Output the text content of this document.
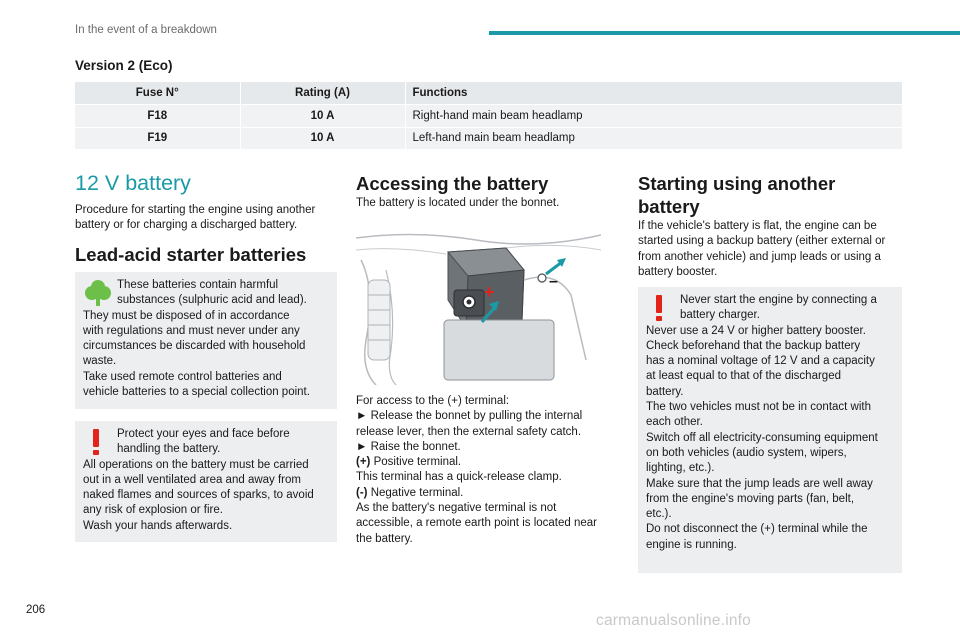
In the event of a breakdown
Version 2 (Eco)
Fuse N°	Rating (A)	Functions
F18	10 A	Right-hand main beam headlamp
F19	10 A	Left-hand main beam headlamp
12 V battery
Procedure for starting the engine using another
battery or for charging a discharged battery.
Lead-acid starter batteries

These batteries contain harmful

substances (sulphuric acid and lead).

They must be disposed of in accordance

with regulations and must never under any

circumstances be discarded with household

waste.

Take used remote control batteries and

vehicle batteries to a special collection point.

Protect your eyes and face before

handling the battery.

All operations on the battery must be carried

out in a well ventilated area and away from

naked flames and sources of sparks, to avoid

any risk of explosion or fire.

Wash your hands afterwards.

Accessing the battery
The battery is located under the bonnet.
+
–
For access to the (+) terminal:
► Release the bonnet by pulling the internal
release lever, then the external safety catch.
► Raise the bonnet.
(+) Positive terminal.
This terminal has a quick-release clamp.
(-) Negative terminal.
As the battery's negative terminal is not
accessible, a remote earth point is located near
the battery.
Starting using another
battery
If the vehicle's battery is flat, the engine can be
started using a backup battery (either external or
from another vehicle) and jump leads or using a
battery booster.

Never start the engine by connecting a

battery charger.

Never use a 24 V or higher battery booster.

Check beforehand that the backup battery

has a nominal voltage of 12 V and a capacity

at least equal to that of the discharged

battery.

The two vehicles must not be in contact with

each other.

Switch off all electricity-consuming equipment

on both vehicles (audio system, wipers,

lighting, etc.).

Make sure that the jump leads are well away

from the engine's moving parts (fan, belt,

etc.).

Do not disconnect the (+) terminal while the

engine is running.

206
carmanualsonline.info
